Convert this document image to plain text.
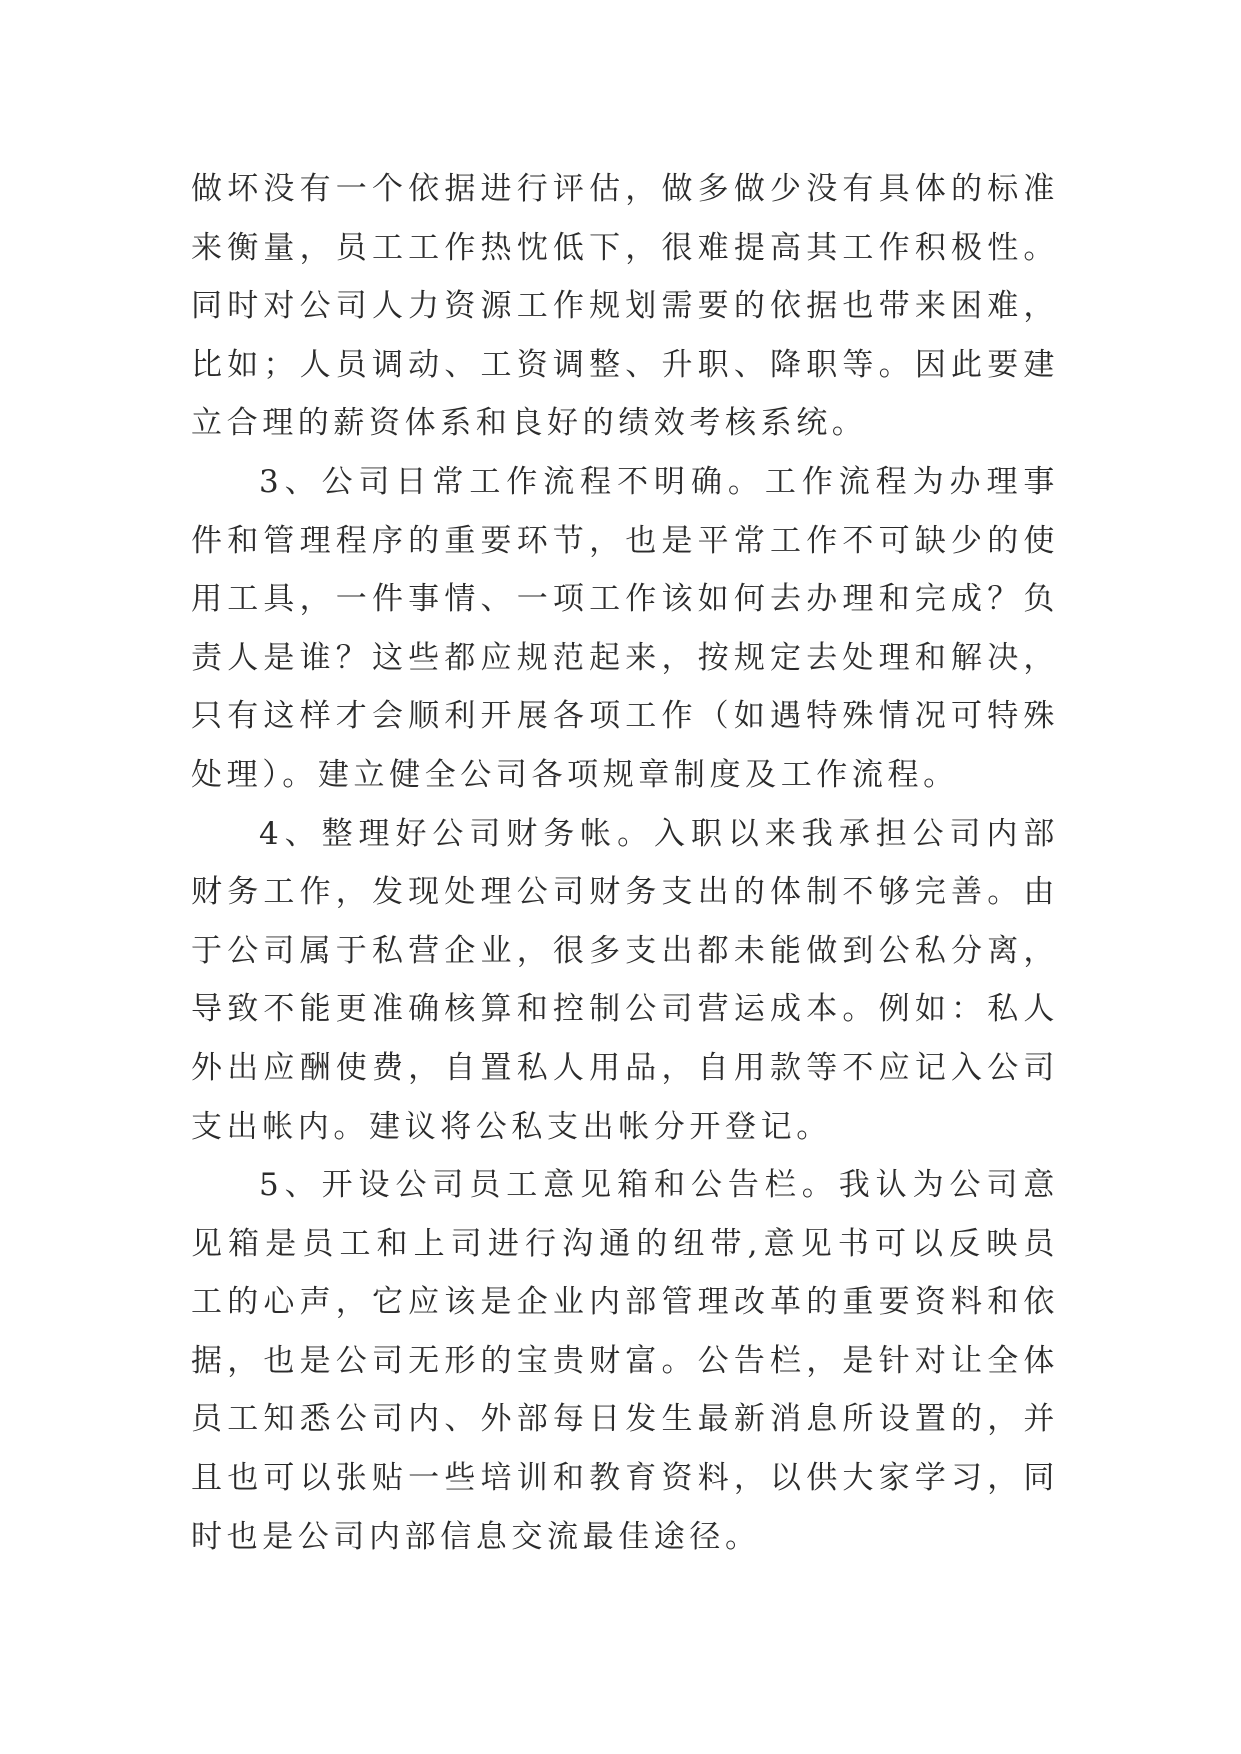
做坏没有一个依据进行评估，做多做少没有具体的标准来衡量，员工工作热忱低下，很难提高其工作积极性。同时对公司人力资源工作规划需要的依据也带来困难，比如；人员调动、工资调整、升职、降职等。因此要建立合理的薪资体系和良好的绩效考核系统。

3、公司日常工作流程不明确。工作流程为办理事件和管理程序的重要环节，也是平常工作不可缺少的使用工具，一件事情、一项工作该如何去办理和完成？负责人是谁？这些都应规范起来，按规定去处理和解决，只有这样才会顺利开展各项工作（如遇特殊情况可特殊处理）。建立健全公司各项规章制度及工作流程。

4、整理好公司财务帐。入职以来我承担公司内部财务工作，发现处理公司财务支出的体制不够完善。由于公司属于私营企业，很多支出都未能做到公私分离，导致不能更准确核算和控制公司营运成本。例如：私人外出应酬使费，自置私人用品，自用款等不应记入公司支出帐内。建议将公私支出帐分开登记。

5、开设公司员工意见箱和公告栏。我认为公司意见箱是员工和上司进行沟通的纽带,意见书可以反映员工的心声，它应该是企业内部管理改革的重要资料和依据，也是公司无形的宝贵财富。公告栏，是针对让全体员工知悉公司内、外部每日发生最新消息所设置的，并且也可以张贴一些培训和教育资料，以供大家学习，同时也是公司内部信息交流最佳途径。
